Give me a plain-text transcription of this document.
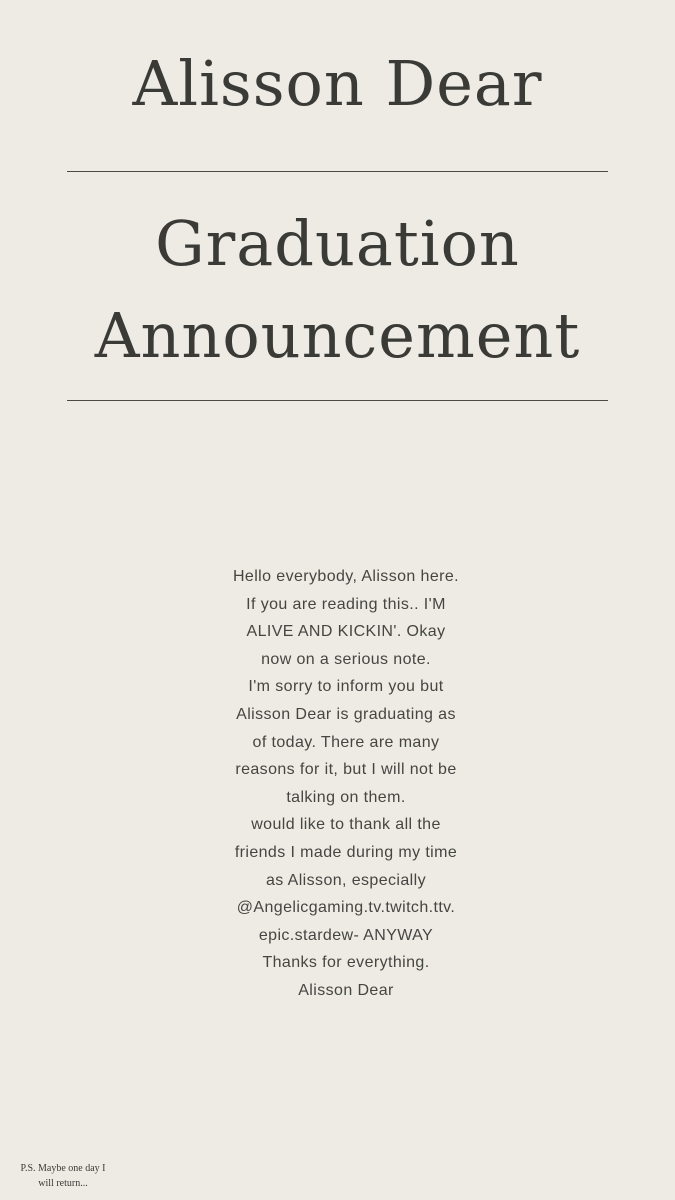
Alisson Dear
Graduation
Announcement
Hello everybody, Alisson here.
If you are reading this.. I'M
ALIVE AND KICKIN'. Okay
now on a serious note.
I'm sorry to inform you but
Alisson Dear is graduating as
of today. There are many
reasons for it, but I will not be
talking on them.
would like to thank all the
friends I made during my time
as Alisson, especially
@Angelicgaming.tv.twitch.ttv.
epic.stardew- ANYWAY
Thanks for everything.
Alisson Dear
P.S. Maybe one day I
will return...
